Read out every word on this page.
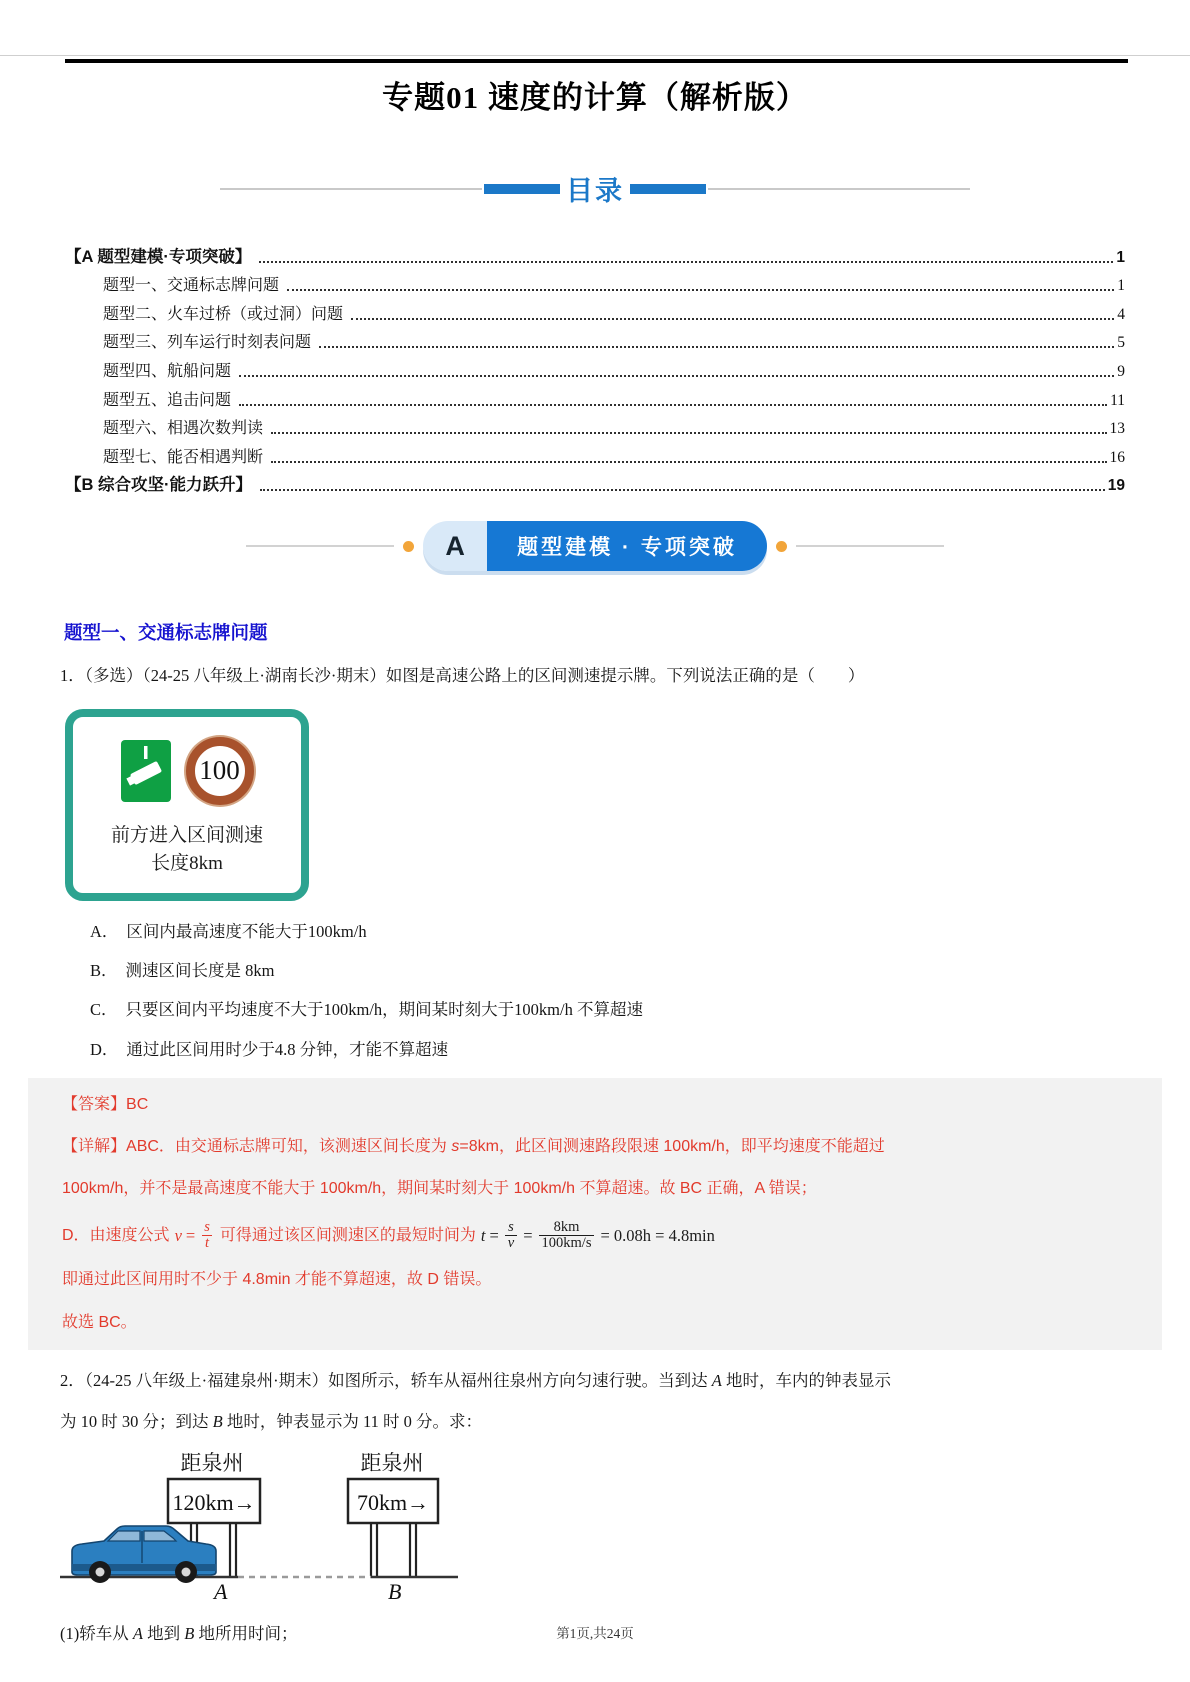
专题01 速度的计算（解析版）
目录
【A 题型建模·专项突破】	1
题型一、交通标志牌问题	1
题型二、火车过桥（或过洞）问题	4
题型三、列车运行时刻表问题	5
题型四、航船问题	9
题型五、追击问题	11
题型六、相遇次数判读	13
题型七、能否相遇判断	16
【B 综合攻坚·能力跃升】	19
A	题型建模 · 专项突破
题型一、交通标志牌问题

1．（多选）（24-25 八年级上·湖南长沙·期末）如图是高速公路上的区间测速提示牌。下列说法正确的是（　　）

100
前方进入区间测速
长度8km
A． 区间内最高速度不能大于100km/h
B． 测速区间长度是 8km
C． 只要区间内平均速度不大于100km/h，期间某时刻大于100km/h 不算超速
D． 通过此区间用时少于4.8 分钟，才能不算超速

【答案】BC

【详解】ABC．由交通标志牌可知，该测速区间长度为 s=8km，此区间测速路段限速 100km/h，即平均速度不能超过

100km/h，并不是最高速度不能大于 100km/h，期间某时刻大于 100km/h 不算超速。故 BC 正确，A 错误；

D．由速度公式 $v = \frac{s}{t}$ 可得通过该区间测速区的最短时间为 $t = \frac{s}{v} = \frac{8km}{100km/s} = 0.08h = 4.8\min$

即通过此区间用时不少于 4.8min 才能不算超速，故 D 错误。

故选 BC。

2．（24-25 八年级上·福建泉州·期末）如图所示，轿车从福州往泉州方向匀速行驶。当到达 A 地时，车内的钟表显示

为 10 时 30 分；到达 B 地时，钟表显示为 11 时 0 分。求：

距泉州
120km→
距泉州
70km→
A	B

(1)轿车从 A 地到 B 地所用时间；	第1页,共24页
